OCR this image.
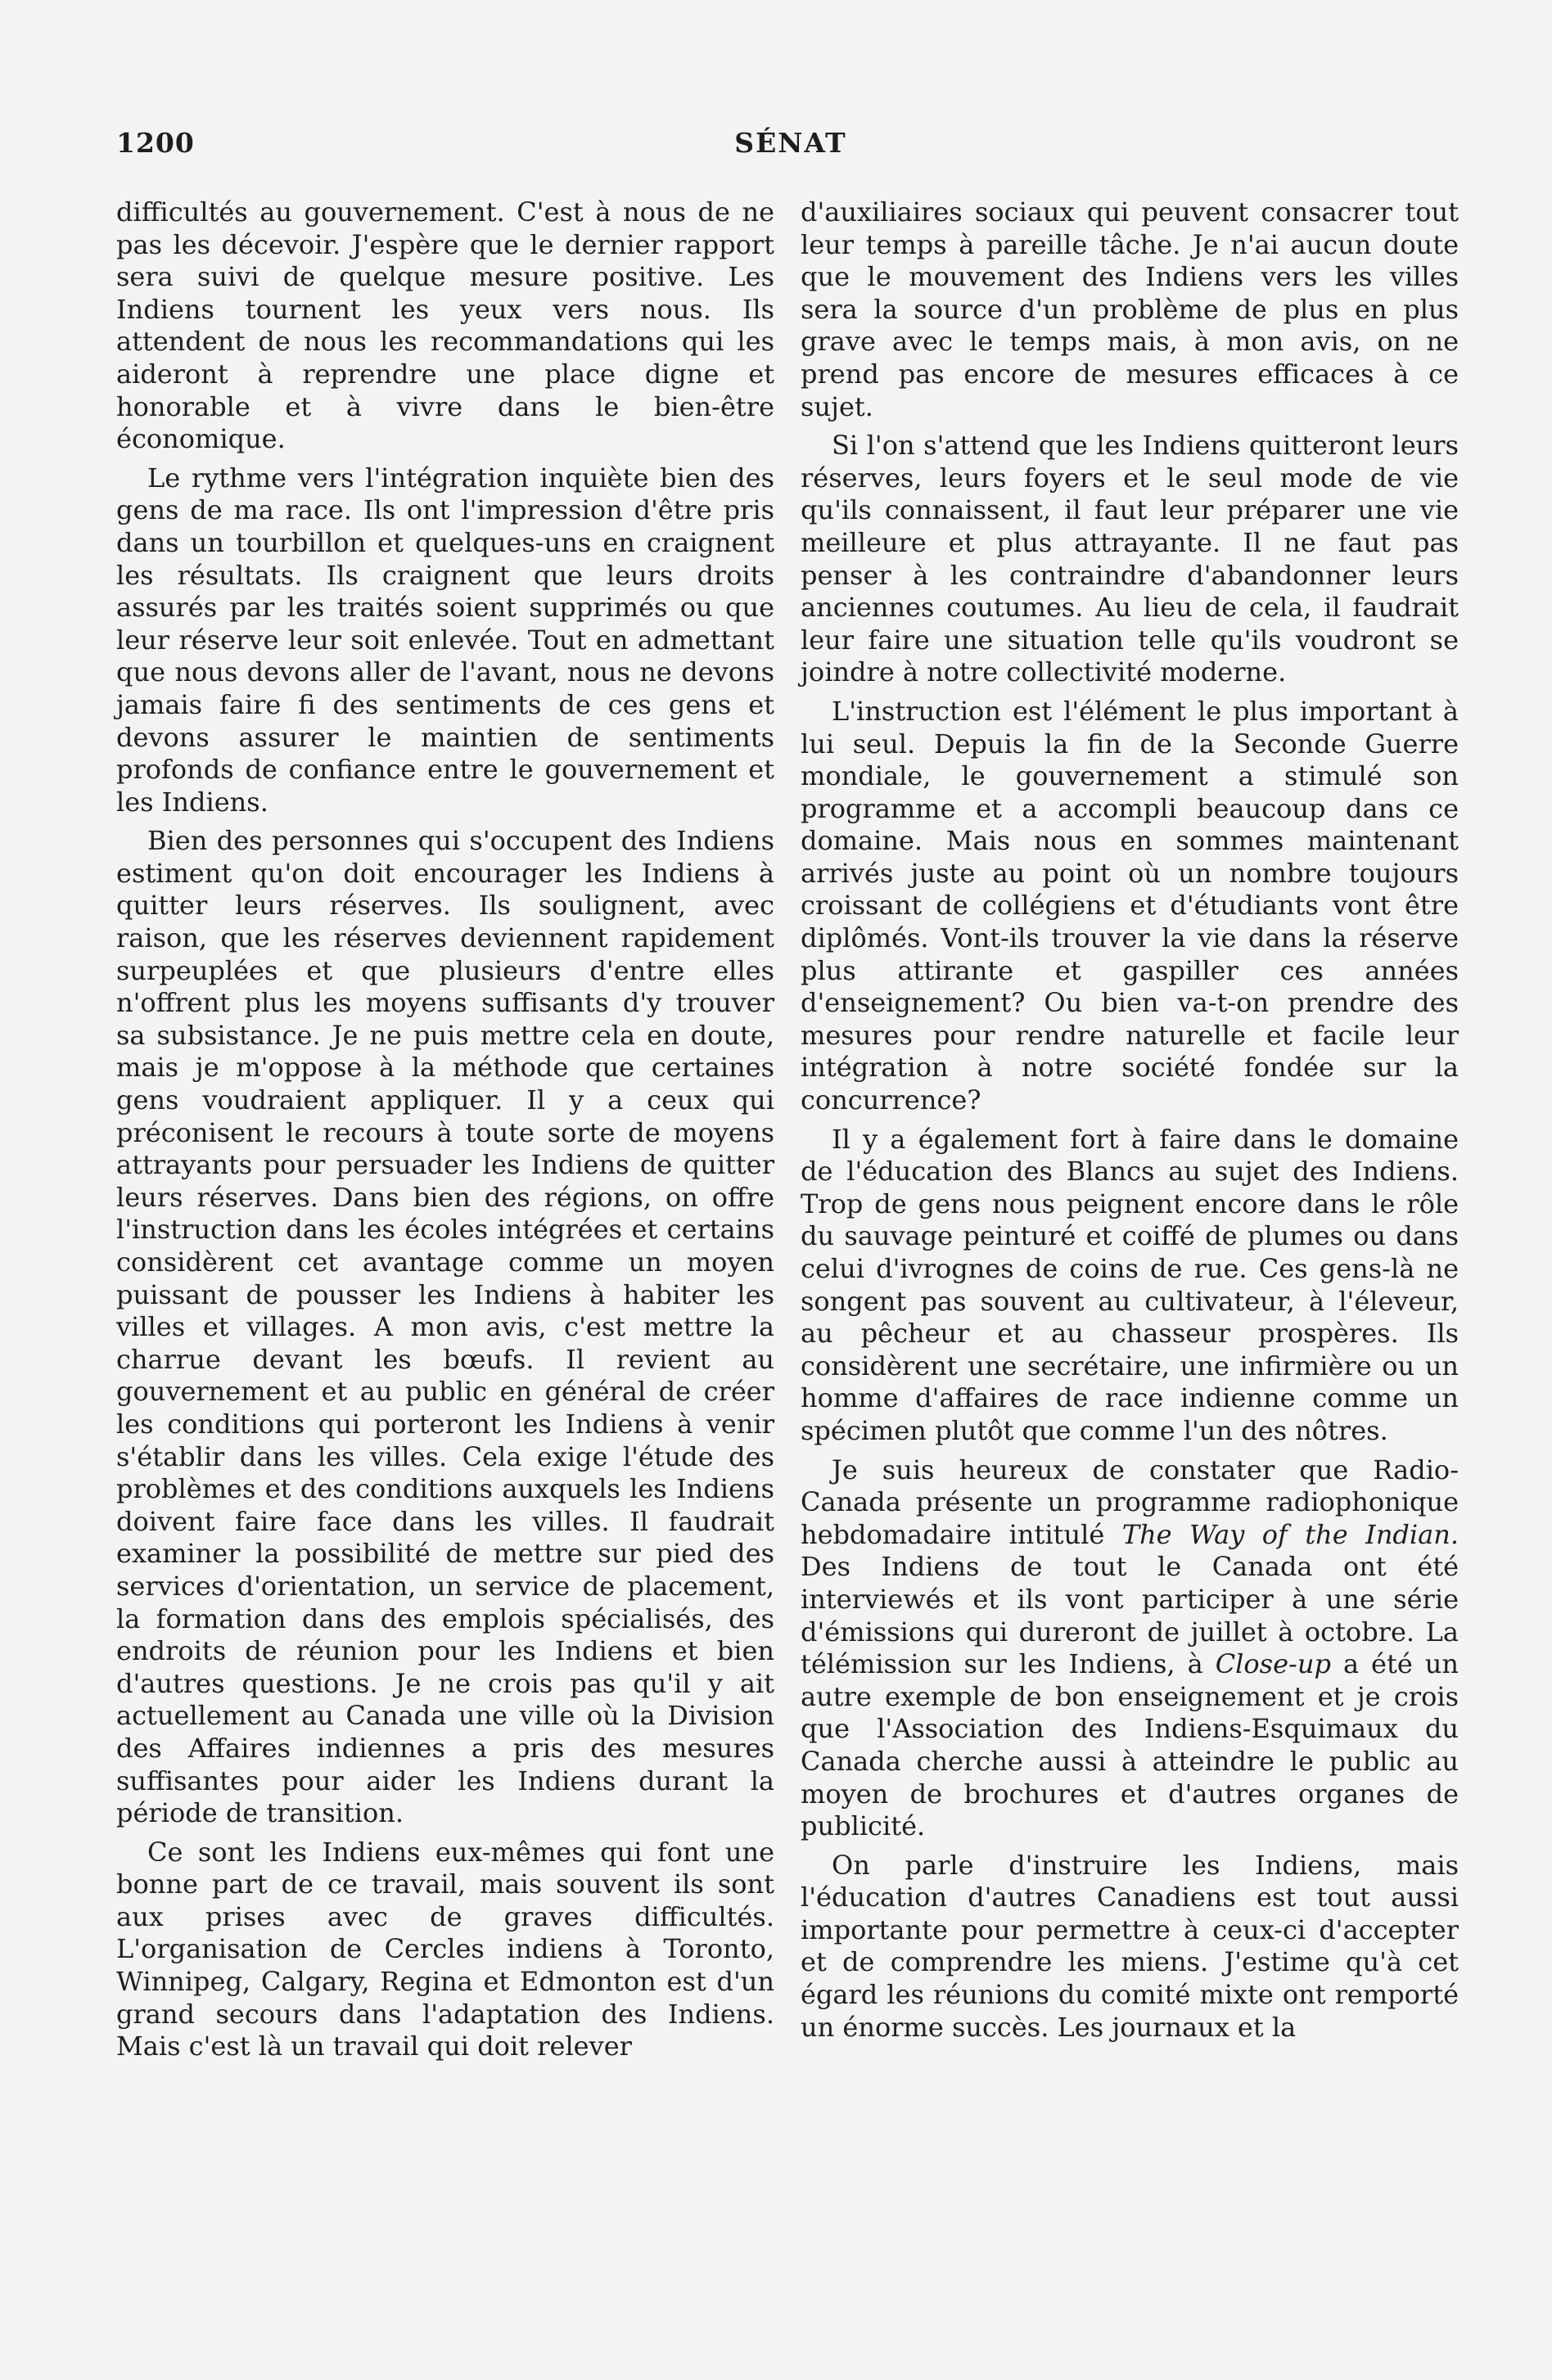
1200	SÉNAT

difficultés au gouvernement. C'est à nous de ne pas les décevoir. J'espère que le dernier rapport sera suivi de quelque mesure positive. Les Indiens tournent les yeux vers nous. Ils attendent de nous les recommandations qui les aideront à reprendre une place digne et honorable et à vivre dans le bien-être économique.

Le rythme vers l'intégration inquiète bien des gens de ma race. Ils ont l'impression d'être pris dans un tourbillon et quelques-uns en craignent les résultats. Ils craignent que leurs droits assurés par les traités soient supprimés ou que leur réserve leur soit enlevée. Tout en admettant que nous devons aller de l'avant, nous ne devons jamais faire fi des sentiments de ces gens et devons assurer le maintien de sentiments profonds de confiance entre le gouvernement et les Indiens.

Bien des personnes qui s'occupent des Indiens estiment qu'on doit encourager les Indiens à quitter leurs réserves. Ils soulignent, avec raison, que les réserves deviennent rapidement surpeuplées et que plusieurs d'entre elles n'offrent plus les moyens suffisants d'y trouver sa subsistance. Je ne puis mettre cela en doute, mais je m'oppose à la méthode que certaines gens voudraient appliquer. Il y a ceux qui préconisent le recours à toute sorte de moyens attrayants pour persuader les Indiens de quitter leurs réserves. Dans bien des régions, on offre l'instruction dans les écoles intégrées et certains considèrent cet avantage comme un moyen puissant de pousser les Indiens à habiter les villes et villages. A mon avis, c'est mettre la charrue devant les bœufs. Il revient au gouvernement et au public en général de créer les conditions qui porteront les Indiens à venir s'établir dans les villes. Cela exige l'étude des problèmes et des conditions auxquels les Indiens doivent faire face dans les villes. Il faudrait examiner la possibilité de mettre sur pied des services d'orientation, un service de placement, la formation dans des emplois spécialisés, des endroits de réunion pour les Indiens et bien d'autres questions. Je ne crois pas qu'il y ait actuellement au Canada une ville où la Division des Affaires indiennes a pris des mesures suffisantes pour aider les Indiens durant la période de transition.

Ce sont les Indiens eux-mêmes qui font une bonne part de ce travail, mais souvent ils sont aux prises avec de graves difficultés. L'organisation de Cercles indiens à Toronto, Winnipeg, Calgary, Regina et Edmonton est d'un grand secours dans l'adaptation des Indiens. Mais c'est là un travail qui doit relever

d'auxiliaires sociaux qui peuvent consacrer tout leur temps à pareille tâche. Je n'ai aucun doute que le mouvement des Indiens vers les villes sera la source d'un problème de plus en plus grave avec le temps mais, à mon avis, on ne prend pas encore de mesures efficaces à ce sujet.

Si l'on s'attend que les Indiens quitteront leurs réserves, leurs foyers et le seul mode de vie qu'ils connaissent, il faut leur préparer une vie meilleure et plus attrayante. Il ne faut pas penser à les contraindre d'abandonner leurs anciennes coutumes. Au lieu de cela, il faudrait leur faire une situation telle qu'ils voudront se joindre à notre collectivité moderne.

L'instruction est l'élément le plus important à lui seul. Depuis la fin de la Seconde Guerre mondiale, le gouvernement a stimulé son programme et a accompli beaucoup dans ce domaine. Mais nous en sommes maintenant arrivés juste au point où un nombre toujours croissant de collégiens et d'étudiants vont être diplômés. Vont-ils trouver la vie dans la réserve plus attirante et gaspiller ces années d'enseignement? Ou bien va-t-on prendre des mesures pour rendre naturelle et facile leur intégration à notre société fondée sur la concurrence?

Il y a également fort à faire dans le domaine de l'éducation des Blancs au sujet des Indiens. Trop de gens nous peignent encore dans le rôle du sauvage peinturé et coiffé de plumes ou dans celui d'ivrognes de coins de rue. Ces gens-là ne songent pas souvent au cultivateur, à l'éleveur, au pêcheur et au chasseur prospères. Ils considèrent une secrétaire, une infirmière ou un homme d'affaires de race indienne comme un spécimen plutôt que comme l'un des nôtres.

Je suis heureux de constater que Radio-Canada présente un programme radiophonique hebdomadaire intitulé The Way of the Indian. Des Indiens de tout le Canada ont été interviewés et ils vont participer à une série d'émissions qui dureront de juillet à octobre. La télémission sur les Indiens, à Close-up a été un autre exemple de bon enseignement et je crois que l'Association des Indiens-Esquimaux du Canada cherche aussi à atteindre le public au moyen de brochures et d'autres organes de publicité.

On parle d'instruire les Indiens, mais l'éducation d'autres Canadiens est tout aussi importante pour permettre à ceux-ci d'accepter et de comprendre les miens. J'estime qu'à cet égard les réunions du comité mixte ont remporté un énorme succès. Les journaux et la
